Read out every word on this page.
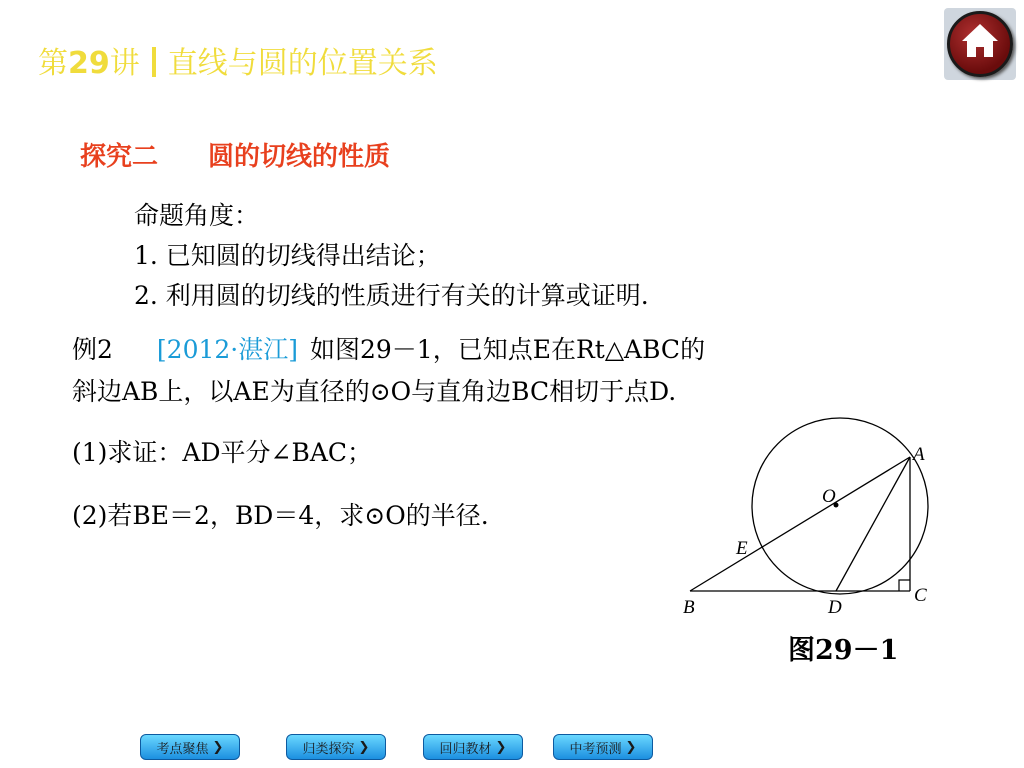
第29讲 直线与圆的位置关系
探究二 圆的切线的性质
命题角度：
1. 已知圆的切线得出结论；
2. 利用圆的切线的性质进行有关的计算或证明.
例2 [2012·湛江] 如图29－1，已知点E在Rt△ABC的
斜边AB上，以AE为直径的⊙O与直角边BC相切于点D.
(1)求证：AD平分∠BAC；
(2)若BE＝2，BD＝4，求⊙O的半径.
A
O
E
B	D
C
图29－1
考点聚焦 ❯	归类探究 ❯	回归教材 ❯	中考预测 ❯
